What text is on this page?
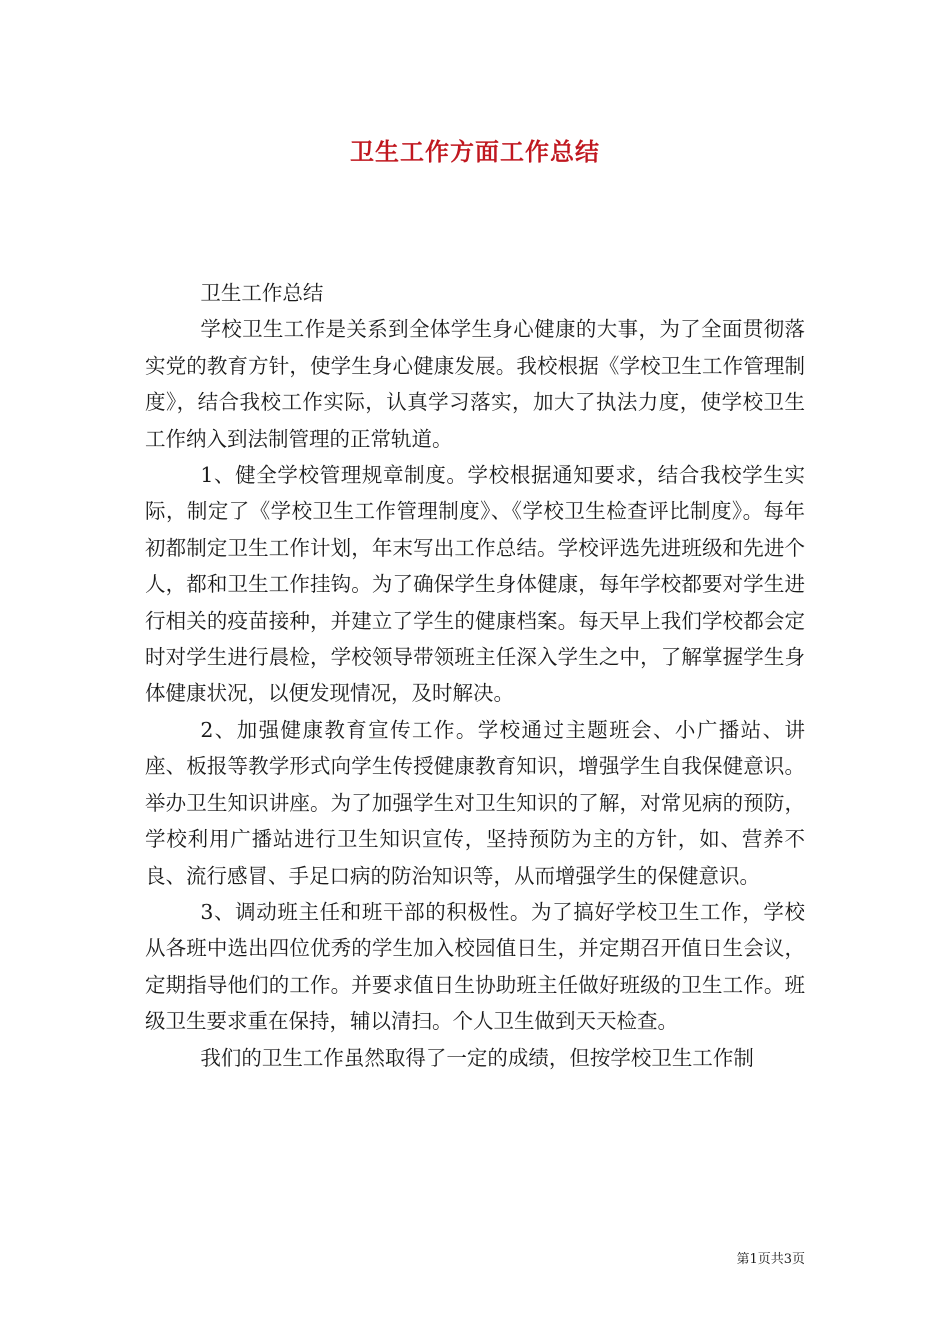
卫生工作方面工作总结

卫生工作总结

学校卫生工作是关系到全体学生身心健康的大事，为了全面贯彻落实党的教育方针，使学生身心健康发展。我校根据《学校卫生工作管理制度》，结合我校工作实际，认真学习落实，加大了执法力度，使学校卫生工作纳入到法制管理的正常轨道。

1、健全学校管理规章制度。学校根据通知要求，结合我校学生实际，制定了《学校卫生工作管理制度》、《学校卫生检查评比制度》。每年初都制定卫生工作计划，年末写出工作总结。学校评选先进班级和先进个人，都和卫生工作挂钩。为了确保学生身体健康，每年学校都要对学生进行相关的疫苗接种，并建立了学生的健康档案。每天早上我们学校都会定时对学生进行晨检，学校领导带领班主任深入学生之中，了解掌握学生身体健康状况，以便发现情况，及时解决。

2、加强健康教育宣传工作。学校通过主题班会、小广播站、讲座、板报等教学形式向学生传授健康教育知识，增强学生自我保健意识。举办卫生知识讲座。为了加强学生对卫生知识的了解，对常见病的预防，学校利用广播站进行卫生知识宣传，坚持预防为主的方针，如、营养不良、流行感冒、手足口病的防治知识等，从而增强学生的保健意识。

3、调动班主任和班干部的积极性。为了搞好学校卫生工作，学校从各班中选出四位优秀的学生加入校园值日生，并定期召开值日生会议，定期指导他们的工作。并要求值日生协助班主任做好班级的卫生工作。班级卫生要求重在保持，辅以清扫。个人卫生做到天天检查。

我们的卫生工作虽然取得了一定的成绩，但按学校卫生工作制

第1页共3页
